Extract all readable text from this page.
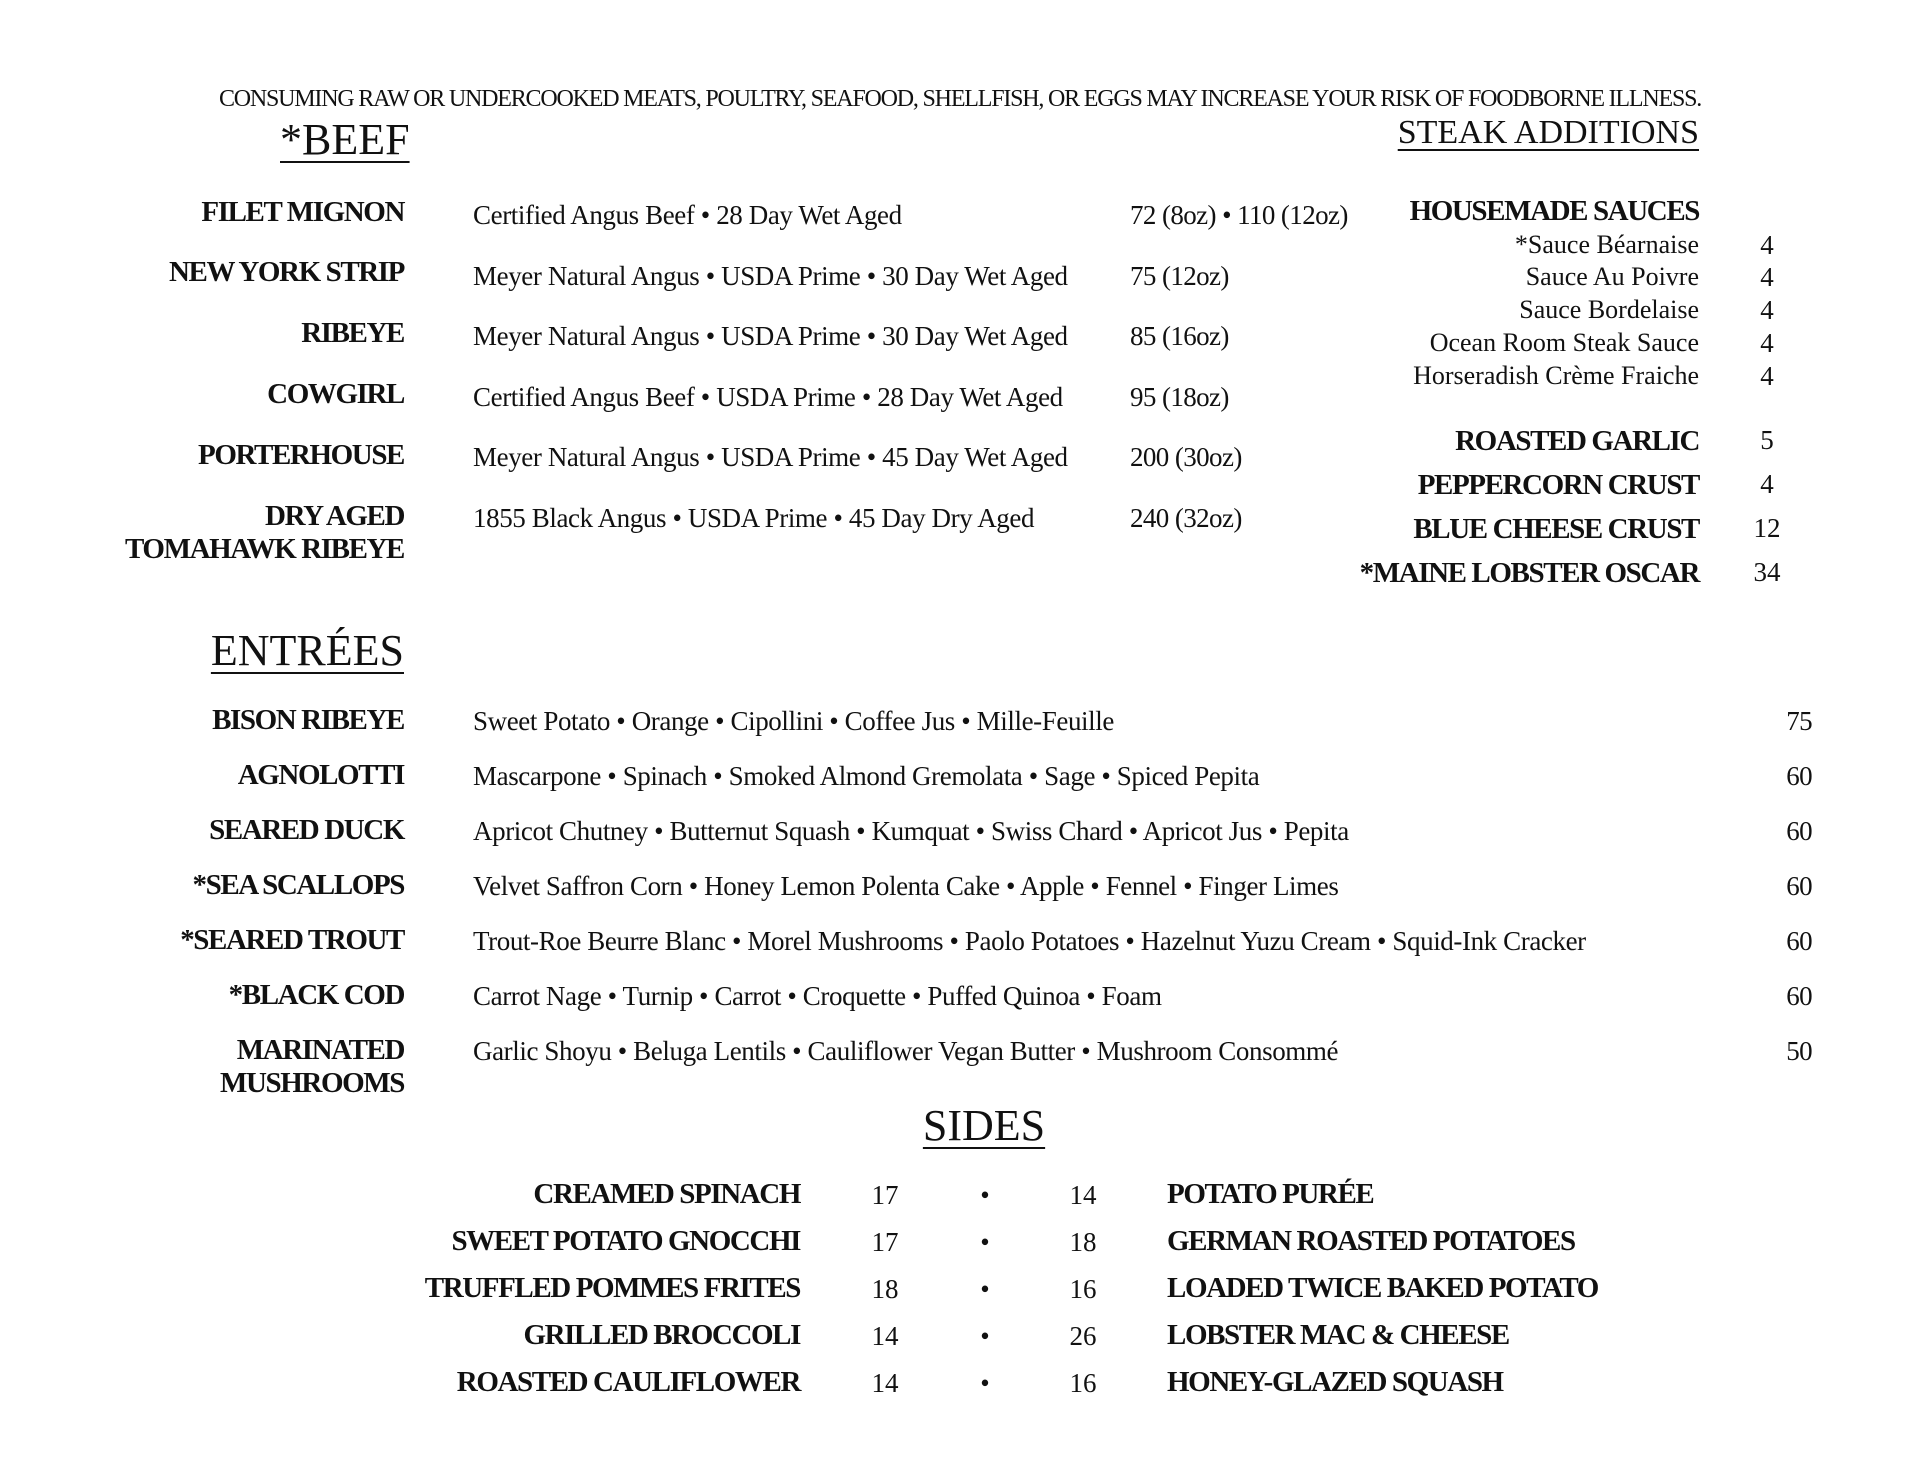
CONSUMING RAW OR UNDERCOOKED MEATS, POULTRY, SEAFOOD, SHELLFISH, OR EGGS MAY INCREASE YOUR RISK OF FOODBORNE ILLNESS.
*BEEF
FILET MIGNON	Certified Angus Beef • 28 Day Wet Aged	72 (8oz) • 110 (12oz)
NEW YORK STRIP	Meyer Natural Angus • USDA Prime • 30 Day Wet Aged 75 (12oz)
RIBEYE	Meyer Natural Angus • USDA Prime • 30 Day Wet Aged 85 (16oz)
COWGIRL	Certified Angus Beef • USDA Prime • 28 Day Wet Aged 95 (18oz)
PORTERHOUSE	Meyer Natural Angus • USDA Prime • 45 Day Wet Aged 200 (30oz)
DRY AGED
TOMAHAWK RIBEYE
1855 Black Angus • USDA Prime • 45 Day Dry Aged	240 (32oz)
STEAK ADDITIONS
HOUSEMADE SAUCES
*Sauce Béarnaise	4
Sauce Au Poivre	4
Sauce Bordelaise	4
Ocean Room Steak Sauce	4
Horseradish Crème Fraiche	4
ROASTED GARLIC	5
PEPPERCORN CRUST	4
BLUE CHEESE CRUST 12
*MAINE LOBSTER OSCAR 34
ENTRÉES
BISON RIBEYE	Sweet Potato • Orange • Cipollini • Coffee Jus • Mille-Feuille	75
AGNOLOTTI	Mascarpone • Spinach • Smoked Almond Gremolata • Sage • Spiced Pepita	60
SEARED DUCK	Apricot Chutney • Butternut Squash • Kumquat • Swiss Chard • Apricot Jus • Pepita	60
*SEA SCALLOPS	Velvet Saffron Corn • Honey Lemon Polenta Cake • Apple • Fennel • Finger Limes	60
*SEARED TROUT	Trout-Roe Beurre Blanc • Morel Mushrooms • Paolo Potatoes • Hazelnut Yuzu Cream • Squid-Ink Cracker	60
*BLACK COD	Carrot Nage • Turnip • Carrot • Croquette • Puffed Quinoa • Foam	60
MARINATED
MUSHROOMS
Garlic Shoyu • Beluga Lentils • Cauliflower Vegan Butter • Mushroom Consommé	50
SIDES
CREAMED SPINACH	17	•	14	POTATO PURÉE
SWEET POTATO GNOCCHI	17	•	18	GERMAN ROASTED POTATOES
TRUFFLED POMMES FRITES	18	•	16	LOADED TWICE BAKED POTATO
GRILLED BROCCOLI	14	•	26	LOBSTER MAC & CHEESE
ROASTED CAULIFLOWER	14	•	16	HONEY-GLAZED SQUASH
